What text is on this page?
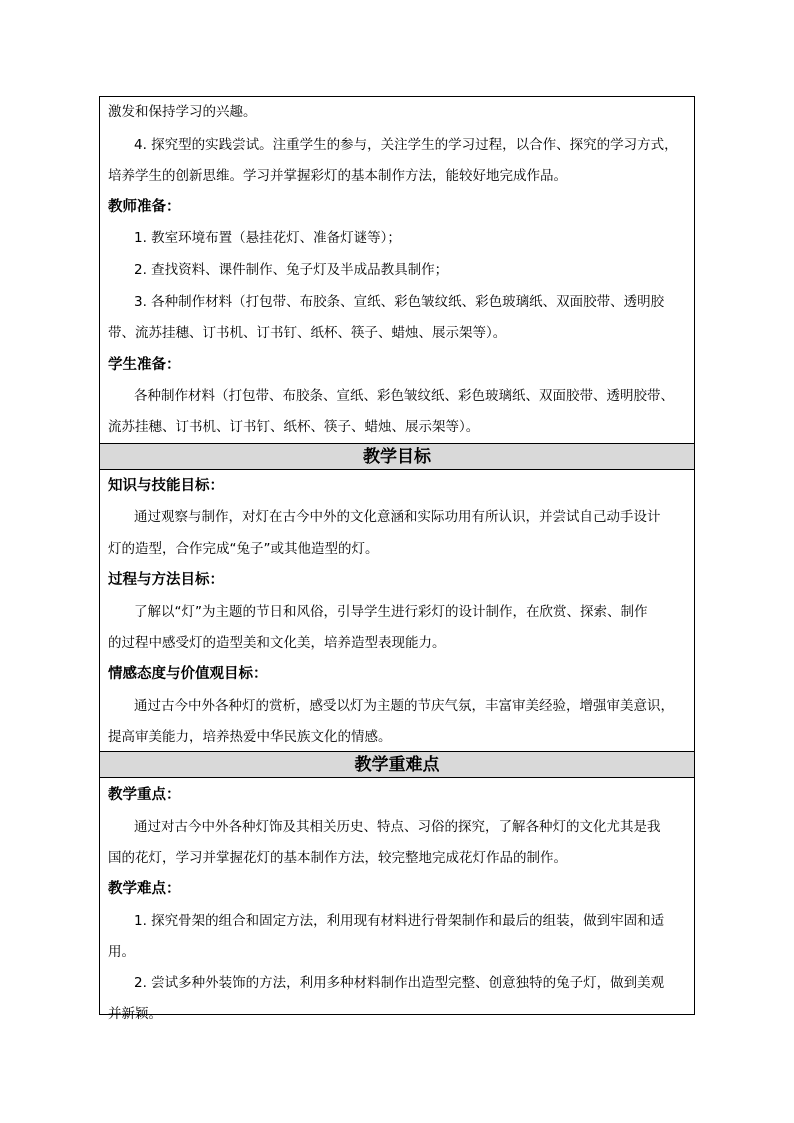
激发和保持学习的兴趣。
4. 探究型的实践尝试。注重学生的参与，关注学生的学习过程，以合作、探究的学习方式，
培养学生的创新思维。学习并掌握彩灯的基本制作方法，能较好地完成作品。
教师准备：
1. 教室环境布置（悬挂花灯、准备灯谜等）；
2. 查找资料、课件制作、兔子灯及半成品教具制作；
3. 各种制作材料（打包带、布胶条、宣纸、彩色皱纹纸、彩色玻璃纸、双面胶带、透明胶
带、流苏挂穗、订书机、订书钉、纸杯、筷子、蜡烛、展示架等）。
学生准备：
各种制作材料（打包带、布胶条、宣纸、彩色皱纹纸、彩色玻璃纸、双面胶带、透明胶带、
流苏挂穗、订书机、订书钉、纸杯、筷子、蜡烛、展示架等）。
教学目标
知识与技能目标：
通过观察与制作，对灯在古今中外的文化意涵和实际功用有所认识，并尝试自己动手设计
灯的造型，合作完成“兔子”或其他造型的灯。
过程与方法目标：
了解以“灯”为主题的节日和风俗，引导学生进行彩灯的设计制作，在欣赏、探索、制作
的过程中感受灯的造型美和文化美，培养造型表现能力。
情感态度与价值观目标：
通过古今中外各种灯的赏析，感受以灯为主题的节庆气氛，丰富审美经验，增强审美意识，
提高审美能力，培养热爱中华民族文化的情感。
教学重难点
教学重点：
通过对古今中外各种灯饰及其相关历史、特点、习俗的探究，了解各种灯的文化尤其是我
国的花灯，学习并掌握花灯的基本制作方法，较完整地完成花灯作品的制作。
教学难点：
1. 探究骨架的组合和固定方法，利用现有材料进行骨架制作和最后的组装，做到牢固和适
用。
2. 尝试多种外装饰的方法，利用多种材料制作出造型完整、创意独特的兔子灯，做到美观
并新颖。
